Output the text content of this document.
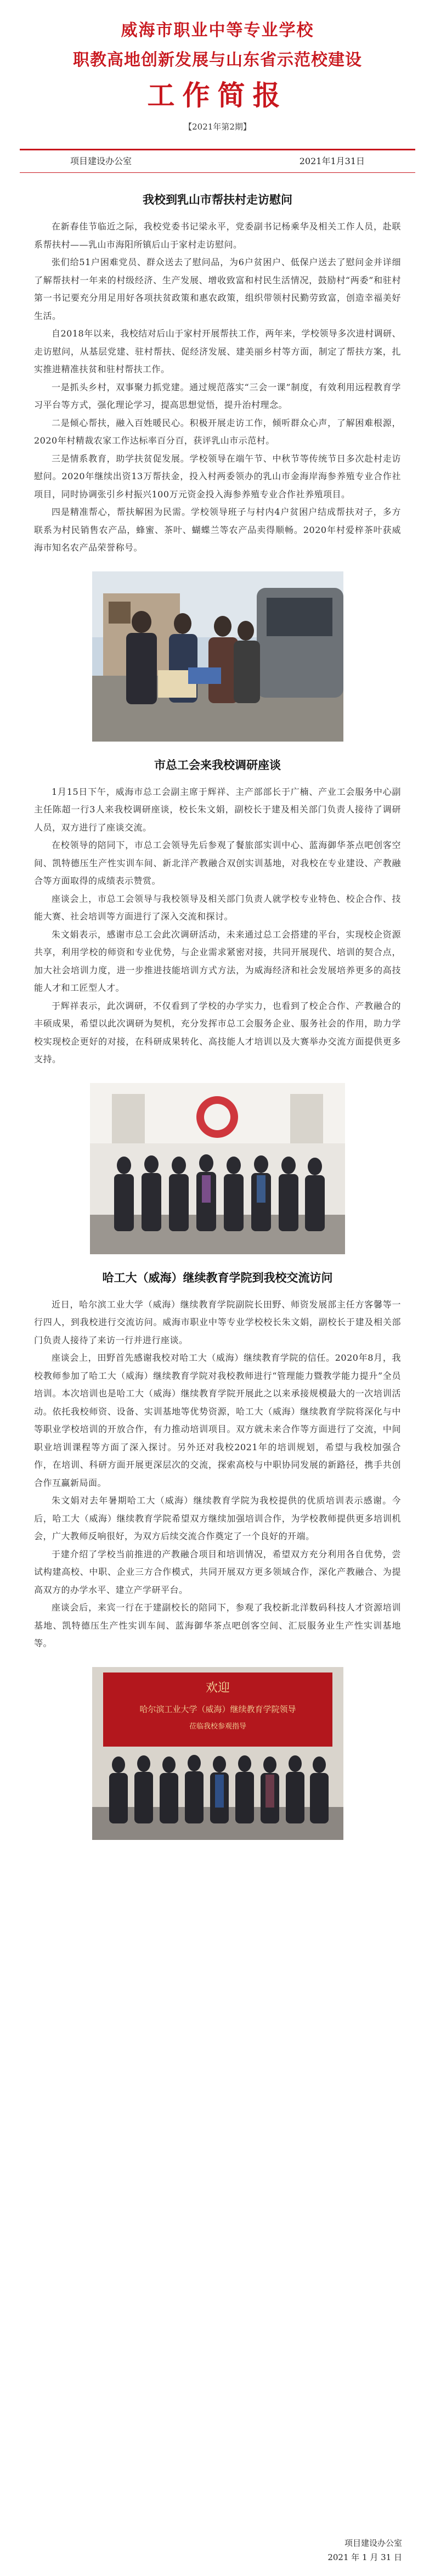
威海市职业中等专业学校
职教高地创新发展与山东省示范校建设
工作简报
【2021年第2期】
项目建设办公室	2021年1月31日
我校到乳山市帮扶村走访慰问

在新春佳节临近之际，我校党委书记梁永平，党委副书记杨乘华及相关工作人员，赴联系帮扶村——乳山市海阳所镇后山于家村走访慰问。

张们给51户困难党员、群众送去了慰问品，为6户贫困户、低保户送去了慰问金并详细了解帮扶村一年来的村级经济、生产发展、增收致富和村民生活情况，鼓励村“两委”和驻村第一书记要充分用足用好各项扶贫政策和惠农政策，组织带领村民勤劳致富，创造幸福美好生活。

自2018年以来，我校结对后山于家村开展帮扶工作，两年来，学校领导多次进村调研、走访慰问，从基层党建、驻村帮扶、促经济发展、建美丽乡村等方面，制定了帮扶方案，扎实推进精准扶贫和驻村帮扶工作。

一是抓头乡村，双事聚力抓党建。通过规范落实“三会一课”制度，有效利用远程教育学习平台等方式，强化理论学习，提高思想觉悟，提升治村理念。

二是倾心帮扶，融入百姓暖民心。积极开展走访工作，倾听群众心声，了解困难根源，2020年村精裁农家工作达标率百分百，获评乳山市示范村。

三是情系教育，助学扶贫促发展。学校领导在端午节、中秋节等传统节日多次赴村走访慰问。2020年继续出资13万帮扶金，投入村两委领办的乳山市金海岸海参养殖专业合作社项目，同时协调张引乡村振兴100万元资金投入海参养殖专业合作社养殖项目。

四是精准帮心，帮扶解困为民需。学校领导班子与村内4户贫困户结成帮扶对子，多方联系为村民销售农产品，蜂蜜、茶叶、蝴蝶兰等农产品卖得顺畅。2020年村爱梓茶叶获威海市知名农产品荣誉称号。

市总工会来我校调研座谈

1月15日下午，威海市总工会副主席于辉祥、主产部部长于广楠、产业工会服务中心副主任陈超一行3人来我校调研座谈，校长朱文娟，副校长于建及相关部门负责人接待了调研人员，双方进行了座谈交流。

在校领导的陪同下，市总工会领导先后参观了餐旅部实训中心、蓝海御华茶点吧创客空间、凯特德压生产性实训车间、新北洋产教融合双创实训基地，对我校在专业建设、产教融合等方面取得的成绩表示赞赏。

座谈会上，市总工会领导与我校领导及相关部门负责人就学校专业特色、校企合作、技能大赛、社会培训等方面进行了深入交流和探讨。

朱文娟表示，感谢市总工会此次调研活动，未来通过总工会搭建的平台，实现校企资源共享，利用学校的师资和专业优势，与企业需求紧密对接，共同开展现代、培训的契合点，加大社会培训力度，进一步推进技能培训方式方法，为威海经济和社会发展培养更多的高技能人才和工匠型人才。

于辉祥表示，此次调研，不仅看到了学校的办学实力，也看到了校企合作、产教融合的丰硕成果，希望以此次调研为契机，充分发挥市总工会服务企业、服务社会的作用，助力学校实现校企更好的对接，在科研成果转化、高技能人才培训以及大赛举办交流方面提供更多支持。

哈工大（威海）继续教育学院到我校交流访问

近日，哈尔滨工业大学（威海）继续教育学院副院长田野、师资发展部主任方客馨等一行四人，到我校进行交流访问。威海市职业中等专业学校校长朱文娟，副校长于建及相关部门负责人接待了来访一行并进行座谈。

座谈会上，田野首先感谢我校对哈工大（威海）继续教育学院的信任。2020年8月，我校教师参加了哈工大（威海）继续教育学院对我校教师进行“管理能力暨教学能力提升”全员培训。本次培训也是哈工大（威海）继续教育学院开展此之以来承接规模最大的一次培训活动。依托我校师资、设备、实训基地等优势资源，哈工大（威海）继续教育学院将深化与中等职业学校培训的开放合作，有力推动培训项目。双方就未来合作等方面进行了交流，中间职业培训课程等方面了深入探讨。另外还对我校2021年的培训规划，希望与我校加强合作，在培训、科研方面开展更深层次的交流，探索高校与中职协同发展的新路径，携手共创合作互赢新局面。

朱文娟对去年暑期哈工大（威海）继续教育学院为我校提供的优质培训表示感谢。今后，哈工大（威海）继续教育学院希望双方继续加强培训合作，为学校教师提供更多培训机会，广大教师反响很好，为双方后续交流合作奠定了一个良好的开端。

于建介绍了学校当前推进的产教融合项目和培训情况，希望双方充分利用各自优势，尝试构建高校、中职、企业三方合作模式，共同开展双方更多领域合作，深化产教融合、为提高双方的办学水平、建立产学研平台。

座谈会后，来宾一行在于建副校长的陪同下，参观了我校新北洋数码科技人才资源培训基地、凯特德压生产性实训车间、蓝海御华茶点吧创客空间、汇辰服务业生产性实训基地等。

欢迎
哈尔滨工业大学（威海）继续教育学院领导
莅临我校参观指导
项目建设办公室
2021 年 1 月 31 日
